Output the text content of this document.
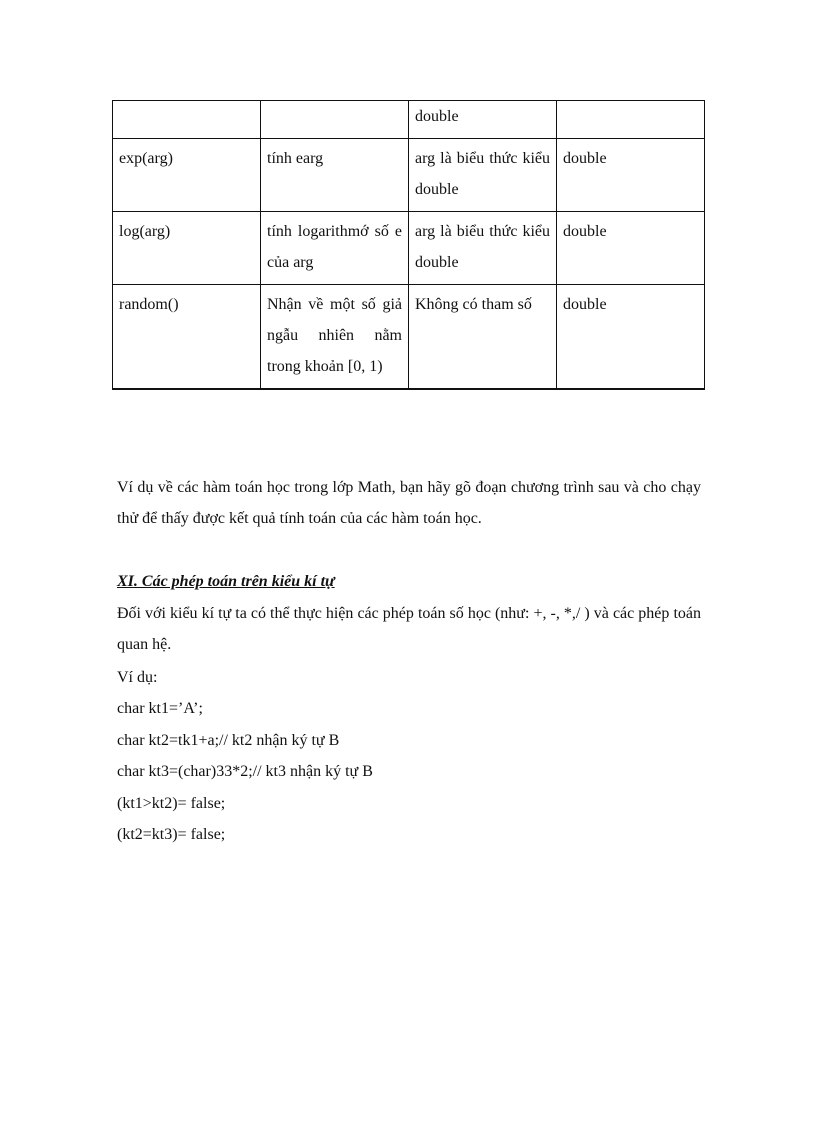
		double	
exp(arg)	tính earg	arg là biểu thức kiểu double	double
log(arg)	tính logarithmớ số e của arg	arg là biểu thức kiểu double	double
random()	Nhận về một số giả ngẫu nhiên nằm trong khoản [0, 1)	Không có tham số	double

Ví dụ về các hàm toán học trong lớp Math, bạn hãy gõ đoạn chương trình sau và cho chạy thử để thấy được kết quả tính toán của các hàm toán học.

XI. Các phép toán trên kiểu kí tự

Đối với kiểu kí tự ta có thể thực hiện các phép toán số học (như: +, -, *,/ ) và các phép toán quan hệ.

Ví dụ:

char kt1=’A’;

char kt2=tk1+a;// kt2 nhận ký tự B

char kt3=(char)33*2;// kt3 nhận ký tự B

(kt1>kt2)= false;

(kt2=kt3)= false;
